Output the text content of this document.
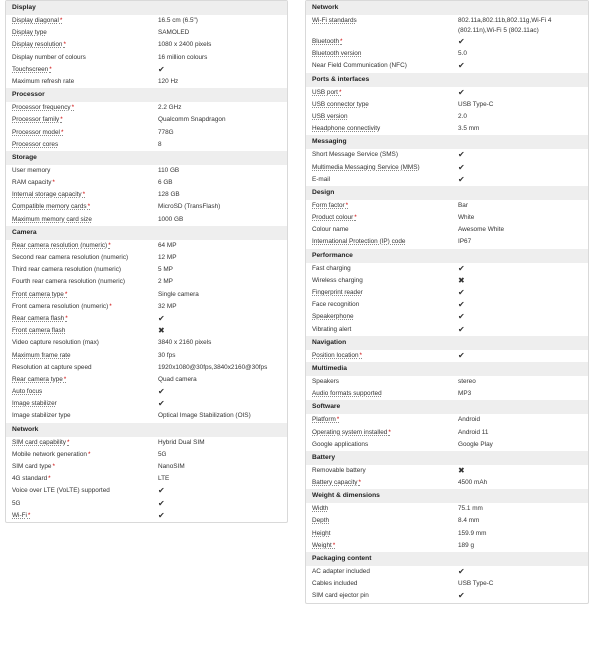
Display
Display diagonal*	16.5 cm (6.5")
Display type	SAMOLED
Display resolution*	1080 x 2400 pixels
Display number of colours	16 million colours
Touchscreen*	✔
Maximum refresh rate	120 Hz
Processor
Processor frequency*	2.2 GHz
Processor family*	Qualcomm Snapdragon
Processor model*	778G
Processor cores	8
Storage
User memory	110 GB
RAM capacity*	6 GB
Internal storage capacity*	128 GB
Compatible memory cards*	MicroSD (TransFlash)
Maximum memory card size	1000 GB
Camera
Rear camera resolution (numeric)*	64 MP
Second rear camera resolution (numeric)	12 MP
Third rear camera resolution (numeric)	5 MP
Fourth rear camera resolution (numeric)	2 MP
Front camera type*	Single camera
Front camera resolution (numeric)*	32 MP
Rear camera flash*	✔
Front camera flash	✖
Video capture resolution (max)	3840 x 2160 pixels
Maximum frame rate	30 fps
Resolution at capture speed	1920x1080@30fps,3840x2160@30fps
Rear camera type*	Quad camera
Auto focus	✔
Image stabilizer	✔
Image stabilizer type	Optical Image Stabilization (OIS)
Network
SIM card capability*	Hybrid Dual SIM
Mobile network generation*	5G
SIM card type*	NanoSIM
4G standard*	LTE
Voice over LTE (VoLTE) supported	✔
5G	✔
Wi-Fi*	✔
Network
Wi-Fi standards	802.11a,802.11b,802.11g,Wi-Fi 4 (802.11n),Wi-Fi 5 (802.11ac)
Bluetooth*	✔
Bluetooth version	5.0
Near Field Communication (NFC)	✔
Ports & interfaces
USB port*	✔
USB connector type	USB Type-C
USB version	2.0
Headphone connectivity	3.5 mm
Messaging
Short Message Service (SMS)	✔
Multimedia Messaging Service (MMS)	✔
E-mail	✔
Design
Form factor*	Bar
Product colour*	White
Colour name	Awesome White
International Protection (IP) code	IP67
Performance
Fast charging	✔
Wireless charging	✖
Fingerprint reader	✔
Face recognition	✔
Speakerphone	✔
Vibrating alert	✔
Navigation
Position location*	✔
Multimedia
Speakers	stereo
Audio formats supported	MP3
Software
Platform*	Android
Operating system installed*	Android 11
Google applications	Google Play
Battery
Removable battery	✖
Battery capacity*	4500 mAh
Weight & dimensions
Width	75.1 mm
Depth	8.4 mm
Height	159.9 mm
Weight*	189 g
Packaging content
AC adapter included	✔
Cables included	USB Type-C
SIM card ejector pin	✔
